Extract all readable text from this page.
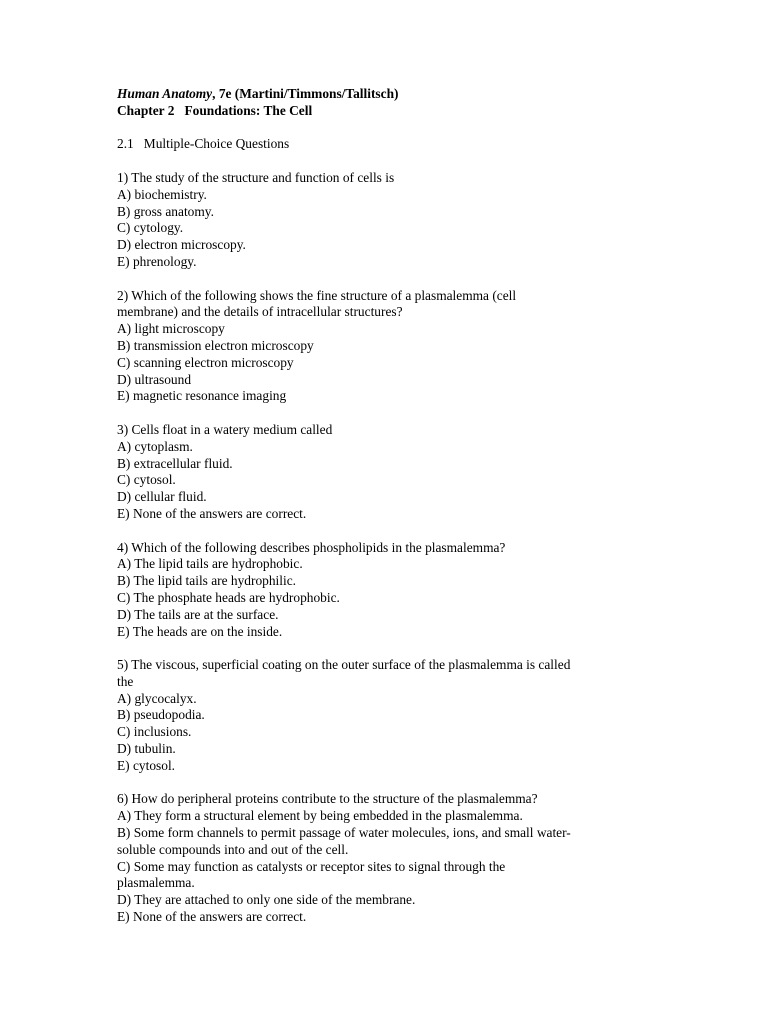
Human Anatomy, 7e (Martini/Timmons/Tallitsch)
Chapter 2   Foundations: The Cell
2.1   Multiple-Choice Questions
1) The study of the structure and function of cells is
A) biochemistry.
B) gross anatomy.
C) cytology.
D) electron microscopy.
E) phrenology.
2) Which of the following shows the fine structure of a plasmalemma (cell
membrane) and the details of intracellular structures?
A) light microscopy
B) transmission electron microscopy
C) scanning electron microscopy
D) ultrasound
E) magnetic resonance imaging
3) Cells float in a watery medium called
A) cytoplasm.
B) extracellular fluid.
C) cytosol.
D) cellular fluid.
E) None of the answers are correct.
4) Which of the following describes phospholipids in the plasmalemma?
A) The lipid tails are hydrophobic.
B) The lipid tails are hydrophilic.
C) The phosphate heads are hydrophobic.
D) The tails are at the surface.
E) The heads are on the inside.
5) The viscous, superficial coating on the outer surface of the plasmalemma is called
the
A) glycocalyx.
B) pseudopodia.
C) inclusions.
D) tubulin.
E) cytosol.
6) How do peripheral proteins contribute to the structure of the plasmalemma?
A) They form a structural element by being embedded in the plasmalemma.
B) Some form channels to permit passage of water molecules, ions, and small water-
soluble compounds into and out of the cell.
C) Some may function as catalysts or receptor sites to signal through the
plasmalemma.
D) They are attached to only one side of the membrane.
E) None of the answers are correct.
